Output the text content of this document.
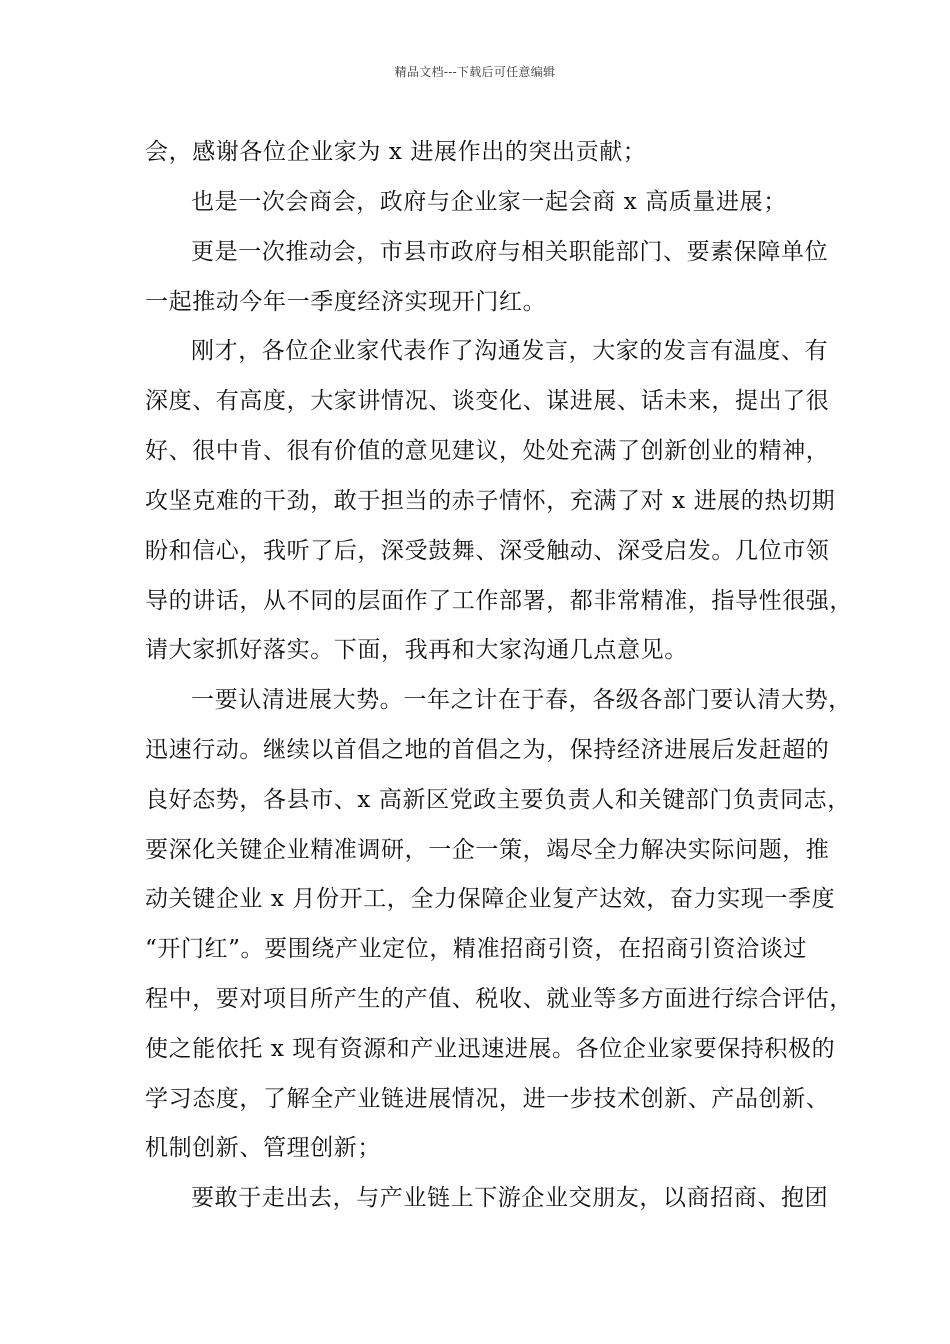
精品文档---下载后可任意编辑
会，感谢各位企业家为 x 进展作出的突出贡献；
也是一次会商会，政府与企业家一起会商 x 高质量进展；
更是一次推动会，市县市政府与相关职能部门、要素保障单位
一起推动今年一季度经济实现开门红。
刚才，各位企业家代表作了沟通发言，大家的发言有温度、有
深度、有高度，大家讲情况、谈变化、谋进展、话未来，提出了很
好、很中肯、很有价值的意见建议，处处充满了创新创业的精神，
攻坚克难的干劲，敢于担当的赤子情怀，充满了对 x 进展的热切期
盼和信心，我听了后，深受鼓舞、深受触动、深受启发。几位市领
导的讲话，从不同的层面作了工作部署，都非常精准，指导性很强，
请大家抓好落实。下面，我再和大家沟通几点意见。
一要认清进展大势。一年之计在于春，各级各部门要认清大势，
迅速行动。继续以首倡之地的首倡之为，保持经济进展后发赶超的
良好态势，各县市、x 高新区党政主要负责人和关键部门负责同志，
要深化关键企业精准调研，一企一策，竭尽全力解决实际问题，推
动关键企业 x 月份开工，全力保障企业复产达效，奋力实现一季度
“开门红”。要围绕产业定位，精准招商引资，在招商引资洽谈过
程中，要对项目所产生的产值、税收、就业等多方面进行综合评估，
使之能依托 x 现有资源和产业迅速进展。各位企业家要保持积极的
学习态度，了解全产业链进展情况，进一步技术创新、产品创新、
机制创新、管理创新；
要敢于走出去，与产业链上下游企业交朋友，以商招商、抱团
